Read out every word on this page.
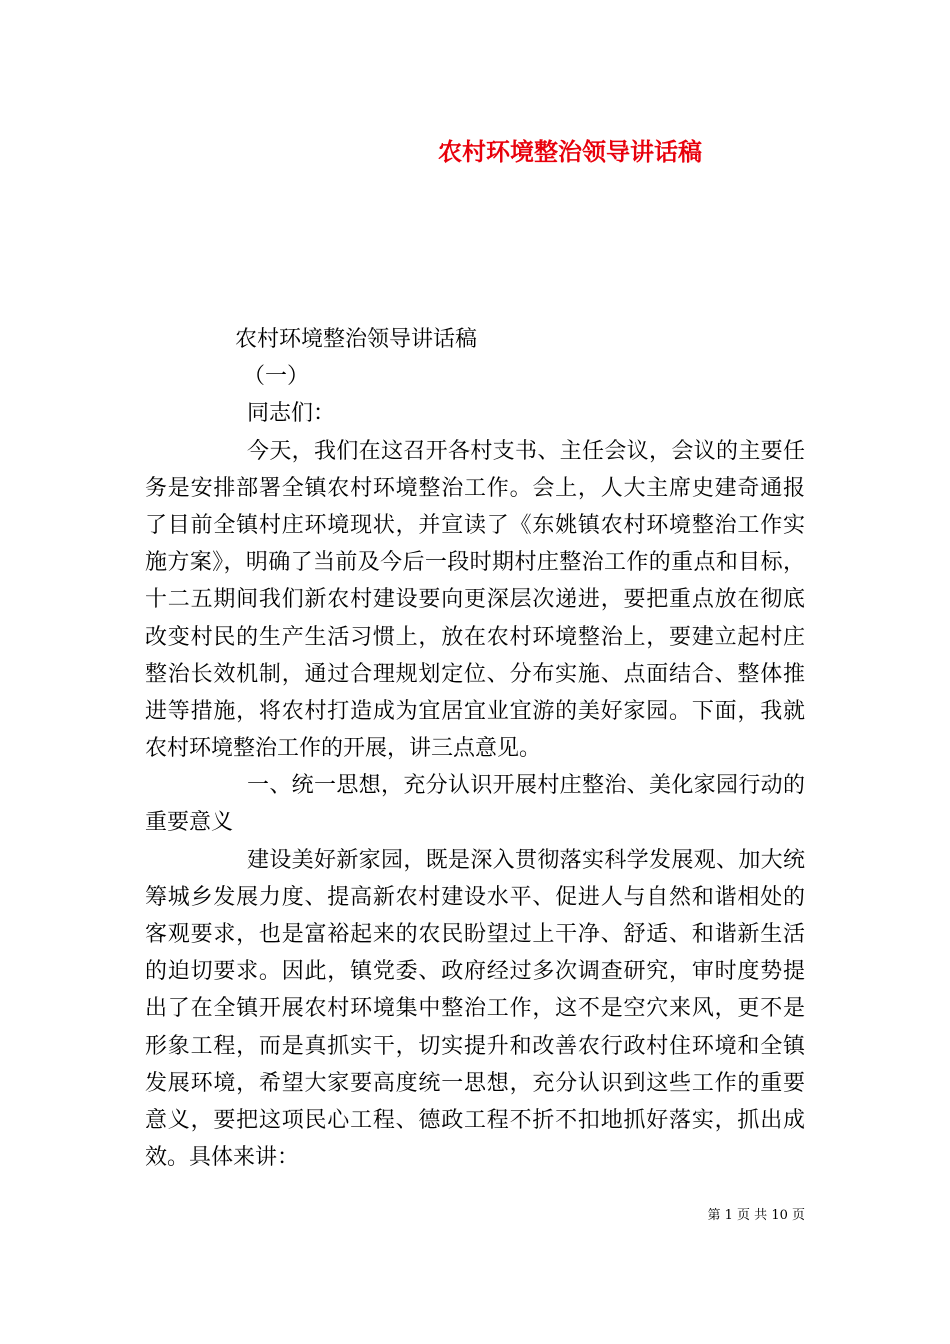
农村环境整治领导讲话稿
农村环境整治领导讲话稿
（一）
同志们：
今天，我们在这召开各村支书、主任会议，会议的主要任
务是安排部署全镇农村环境整治工作。会上，人大主席史建奇通报
了目前全镇村庄环境现状，并宣读了《东姚镇农村环境整治工作实
施方案》，明确了当前及今后一段时期村庄整治工作的重点和目标，
十二五期间我们新农村建设要向更深层次递进，要把重点放在彻底
改变村民的生产生活习惯上，放在农村环境整治上，要建立起村庄
整治长效机制，通过合理规划定位、分布实施、点面结合、整体推
进等措施，将农村打造成为宜居宜业宜游的美好家园。下面，我就
农村环境整治工作的开展，讲三点意见。
一、统一思想，充分认识开展村庄整治、美化家园行动的
重要意义
建设美好新家园，既是深入贯彻落实科学发展观、加大统
筹城乡发展力度、提高新农村建设水平、促进人与自然和谐相处的
客观要求，也是富裕起来的农民盼望过上干净、舒适、和谐新生活
的迫切要求。因此，镇党委、政府经过多次调查研究，审时度势提
出了在全镇开展农村环境集中整治工作，这不是空穴来风，更不是
形象工程，而是真抓实干，切实提升和改善农行政村住环境和全镇
发展环境，希望大家要高度统一思想，充分认识到这些工作的重要
意义，要把这项民心工程、德政工程不折不扣地抓好落实，抓出成
效。具体来讲：
第 1 页 共 10 页
